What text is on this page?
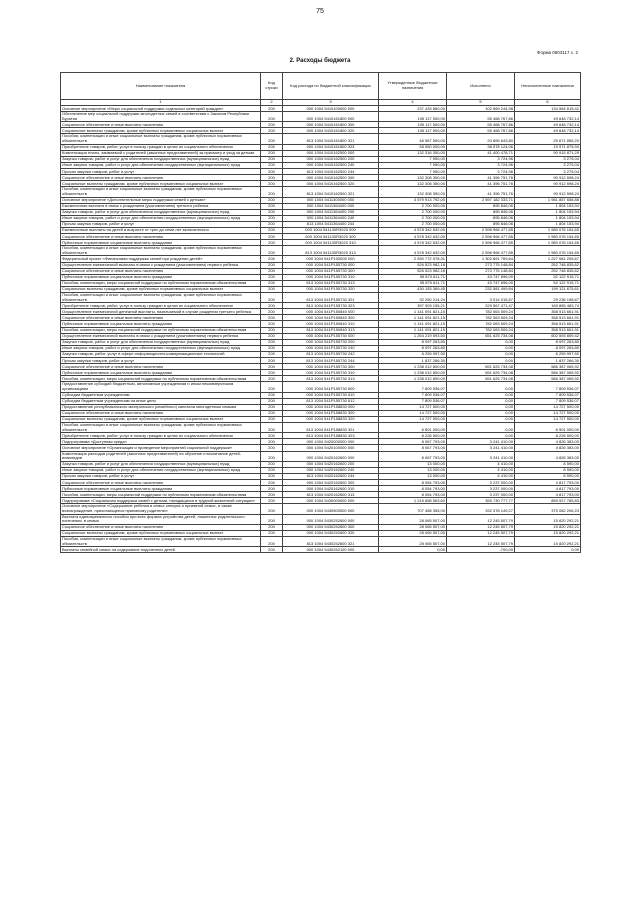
75
Форма 0503117 с. 2
2. Расходы бюджета
Наименование показателя	Код строки	Код расхода по бюджетной классификации	Утвержденные бюджетные назначения	Исполнено	Неисполненные назначения
1	2	3	4	5	6
Основное мероприятие «Меры социальной поддержки отдельных категорий граждан»	200	000 1004 5410100000 000	237 433 860,00	102 869 244,98	134 564 615,42
Обеспечение мер социальной поддержки многодетных семей в соответствии с Законом Республики Бурятия	200	000 1004 5410161800 000	105 117 500,00	55 468 767,86	49 648 732,14
Социальное обеспечение и иные выплаты населению	200	000 1004 5410161800 300	105 117 500,00	55 468 767,86	49 648 732,14
Социальные выплаты гражданам, кроме публичных нормативных социальных выплат	200	000 1004 5410161800 320	105 117 500,00	55 468 767,86	49 648 732,14
Пособия, компенсации и иные социальные выплаты гражданам, кроме публичных нормативных обязательств	200	813 1004 5410161800 321	46 567 500,00	20 895 643,80	25 671 856,20
Приобретение товаров, работ, услуг в пользу граждан в целях их социального обеспечения	200	000 1004 5410161800 323	58 550 000,00	38 578 124,06	19 971 875,94
Компенсация платы, взимаемой с родителей (законных представителей) за присмотр и уход за детьми	200	000 1004 5410162500 000	132 316 350,00	41 400 478,71	90 915 871,29
Закупка товаров, работ и услуг для обеспечения государственных (муниципальных) нужд	200	000 1004 5410162500 200	7 950,00	3 724,96	3 275,04
Иные закупки товаров, работ и услуг для обеспечения государственных (муниципальных) нужд	200	000 1004 5410162500 240	7 950,00	3 724,96	3 275,04
Прочая закупка товаров, работ и услуг	200	813 1004 5410162500 244	7 950,00	3 724,96	3 275,04
Социальное обеспечение и иные выплаты населению	200	000 1004 5410162500 300	132 308 350,00	41 396 751,76	90 912 598,24
Социальные выплаты гражданам, кроме публичных нормативных социальных выплат	200	000 1004 5410162500 320	132 308 350,00	41 396 751,76	90 912 598,24
Пособия, компенсации и иные социальные выплаты гражданам, кроме публичных нормативных обязательств	200	813 1004 5410162500 321	132 308 350,00	41 396 751,76	90 912 598,24
Основное мероприятие «Дополнительные меры поддержки семей с детьми»	200	000 1004 5411300000 000	4 579 913 792,00	2 597 182 333,71	1 981 857 658,88
Ежемесячная выплата в связи с рождением (усыновлением) третьего ребенка	200	000 1004 5411364400 000	2 700 000,00	895 846,06	1 804 153,94
Закупка товаров, работ и услуг для обеспечения государственных (муниципальных) нужд	200	000 1004 5411364400 200	2 700 000,00	895 846,06	1 804 153,94
Иные закупки товаров, работ и услуг для обеспечения государственных (муниципальных) нужд	200	000 1004 5411364400 240	2 700 000,00	895 846,06	1 804 153,94
Прочая закупка товаров, работ и услуг	200	813 1004 5411364400 244	2 700 000,00	895 846,06	1 804 153,94
Ежемесячные выплаты на детей в возрасте от трех до семи лет включительно	200	000 1004 541130R3020 000	4 578 342 632,00	2 596 966 477,85	1 980 076 154,65
Социальное обеспечение и иные выплаты населению	200	000 1004 541130R3020 300	4 578 342 632,00	2 596 966 477,85	1 980 076 154,65
Публичные нормативные социальные выплаты гражданам	200	000 1004 541130R3020 310	4 578 342 632,00	2 596 966 477,85	1 980 076 154,65
Пособия, компенсации и иные социальные выплаты гражданам, кроме публичных нормативных обязательств	200	813 1004 541130R3020 313	4 578 342 632,00	2 596 966 477,85	1 980 076 154,65
Федеральный проект «Финансовая поддержка семей при рождении детей»	200	000 1004 541P100000 000	2 530 772 578,31	1 302 691 769,64	1 227 081 208,67
Осуществление ежемесячной выплаты в связи с рождением (усыновлением) первого ребенка	200	000 1004 541P155730 000	526 523 982,18	273 775 148,84	252 748 835,62
Социальное обеспечение и иные выплаты населению	200	000 1004 541P155730 300	526 523 982,18	273 775 148,84	252 748 835,62
Публичные нормативные социальные выплаты гражданам	200	000 1004 541P155730 310	95 870 611,71	43 747 696,00	52 122 915,71
Пособия, компенсации, меры социальной поддержки по публичным нормативным обязательствам	200	813 1004 541P155730 313	95 870 611,71	43 747 696,00	52 122 915,71
Социальные выплаты гражданам, кроме публичных нормативных социальных выплат	200	000 1004 541P155730 320	430 153 369,45	232 581 499,84	199 121 675,61
Пособия, компенсации и иные социальные выплаты гражданам, кроме публичных нормативных обязательств	200	813 1004 541P155730 321	32 250 214,24	3 014 015,57	29 236 198,67
Приобретение товаров, работ, услуг в пользу граждан в целях их социального обеспечения	200	813 1004 541P155730 323	397 903 155,21	229 567 471,47	169 885 483,74
Осуществление ежемесячной денежной выплаты, назначаемой в случае рождения третьего ребенка	200	000 1004 541P150840 000	1 141 091 821,15	782 063 509,24	358 513 661,91
Социальное обеспечение и иные выплаты населению	200	000 1004 541P150840 300	1 141 091 821,15	782 063 509,24	358 513 661,91
Публичные нормативные социальные выплаты гражданам	200	000 1004 541P150840 310	1 141 091 821,15	782 063 509,24	358 513 661,91
Пособия, компенсации, меры социальной поддержки по публичным нормативным обязательствам	200	813 1004 541P150840 313	1 141 091 821,15	782 063 509,24	358 513 661,91
Осуществление ежемесячной выплаты в связи с рождением (усыновлением) первого ребенка	200	000 1004 541P155730 000	1 254 219 593,50	651 625 734,08	602 593 859,42
Закупка товаров, работ и услуг для обеспечения государственных (муниципальных) нужд	200	000 1004 541P155730 200	8 097 263,80	0,00	8 097 263,80
Иные закупки товаров, работ и услуг для обеспечения государственных (муниципальных) нужд	200	000 1004 541P155730 240	8 097 263,80	0,00	8 097 263,80
Закупка товаров, работ, услуг в сфере информационно-коммуникационных технологий	200	813 1004 541P155730 242	6 259 997,50	0,00	6 259 997,50
Прочая закупка товаров, работ и услуг	200	813 1004 541P155730 244	1 837 266,30	0,00	1 837 266,30
Социальное обеспечение и иные выплаты населению	200	000 1004 541P155730 300	1 238 012 800,00	651 625 734,08	586 387 065,92
Публичные нормативные социальные выплаты гражданам	200	000 1004 541P155730 310	1 238 012 800,00	651 625 734,08	586 387 065,92
Пособия, компенсации, меры социальной поддержки по публичным нормативным обязательствам	200	813 1004 541P155730 313	1 238 012 800,00	651 625 734,08	586 387 065,92
Предоставление субсидий бюджетным, автономным учреждениям и иным некоммерческим организациям	200	000 1004 541P155730 600	7 809 536,07	0,00	7 809 536,07
Субсидии бюджетным учреждениям	200	000 1004 541P155730 610	7 809 536,07	0,00	7 809 536,07
Субсидии бюджетным учреждениям на иные цели	200	813 1004 541P155730 612	7 809 536,07	0,00	7 809 536,07
Предоставление республиканского материнского (семейного) капитала многодетным семьям	200	000 1004 541P158830 000	14 727 500,00	0,00	14 727 500,00
Социальное обеспечение и иные выплаты населению	200	000 1004 541P158830 300	14 727 500,00	0,00	14 727 500,00
Социальные выплаты гражданам, кроме публичных нормативных социальных выплат	200	000 1004 541P158830 320	14 727 500,00	0,00	14 727 500,00
Пособия, компенсации и иные социальные выплаты гражданам, кроме публичных нормативных обязательств	200	813 1004 541P158830 321	6 501 000,00	0,00	6 501 000,00
Приобретение товаров, работ, услуг в пользу граждан в целях их социального обеспечения	200	813 1004 541P158830 323	8 226 500,00	0,00	8 226 500,00
Подпрограмма «Доступная среда»	200	000 1004 5420000000 000	8 067 793,00	3 241 410,00	4 826 383,00
Основное мероприятие «Организация и проведение мероприятий социальной поддержки»	200	000 1004 5420100000 000	8 067 793,00	3 241 410,00	4 826 383,00
Компенсация расходов родителей (законных представителей) на обучение и воспитание детей-инвалидов	200	000 1004 5420162600 000	8 067 793,00	3 241 410,00	4 826 383,00
Закупка товаров, работ и услуг для обеспечения государственных (муниципальных) нужд	200	000 1004 5420162600 200	13 000,00	4 410,00	8 590,00
Иные закупки товаров, работ и услуг для обеспечения государственных (муниципальных) нужд	200	000 1004 5420162600 240	13 000,00	4 410,00	8 590,00
Прочая закупка товаров, работ и услуг	200	813 1004 5420162600 244	13 000,00	4 410,00	8 590,00
Социальное обеспечение и иные выплаты населению	200	000 1004 5420162600 300	8 054 793,00	3 237 000,00	4 817 793,00
Публичные нормативные социальные выплаты гражданам	200	000 1004 5420162600 310	8 054 793,00	3 237 000,00	4 817 793,00
Пособия, компенсации, меры социальной поддержки по публичным нормативным обязательствам	200	813 1004 5420162600 313	8 054 793,00	3 237 000,00	4 817 793,00
Подпрограмма «Социальная поддержка семей с детьми, находящихся в трудной жизненной ситуации»	200	000 1004 5430000000 000	1 215 658 563,60	355 730 777,77	859 927 785,83
Основное мероприятие «Содержание ребенка в семье опекуна и приемной семье, а также вознаграждение, причитающееся приемному родителю»	200	000 1004 5430500000 000	707 458 355,00	332 378 149,27	375 082 206,23
Выплата единовременного пособия при всех формах устройства детей, лишенных родительского попечения, в семью	200	000 1004 5430252600 000	28 065 507,00	12 245 507,79	15 820 292,21
Социальное обеспечение и иные выплаты населению	200	000 1004 5430252600 300	28 065 507,00	12 245 507,79	15 820 292,21
Социальные выплаты гражданам, кроме публичных нормативных социальных выплат	200	000 1004 5430252600 320	28 065 507,00	12 245 507,79	15 820 292,21
Пособия, компенсации и иные социальные выплаты гражданам, кроме публичных нормативных обязательств	200	813 1004 5430252600 321	28 065 507,00	12 245 507,79	15 820 292,21
Выплаты семейной семье на содержание подопечных детей	200	000 1004 5430262100 000	0,00	-700,00	0,00
